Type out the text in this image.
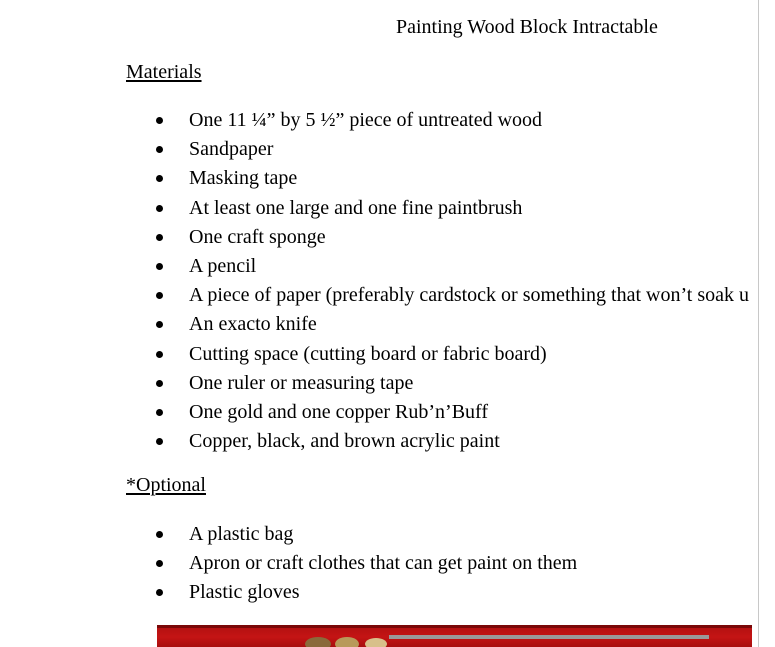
Painting Wood Block Intractable
Materials
One 11 ¼” by 5 ½” piece of untreated wood
Sandpaper
Masking tape
At least one large and one fine paintbrush
One craft sponge
A pencil
A piece of paper (preferably cardstock or something that won’t soak u
An exacto knife
Cutting space (cutting board or fabric board)
One ruler or measuring tape
One gold and one copper Rub’n’Buff
Copper, black, and brown acrylic paint
*Optional
A plastic bag
Apron or craft clothes that can get paint on them
Plastic gloves
